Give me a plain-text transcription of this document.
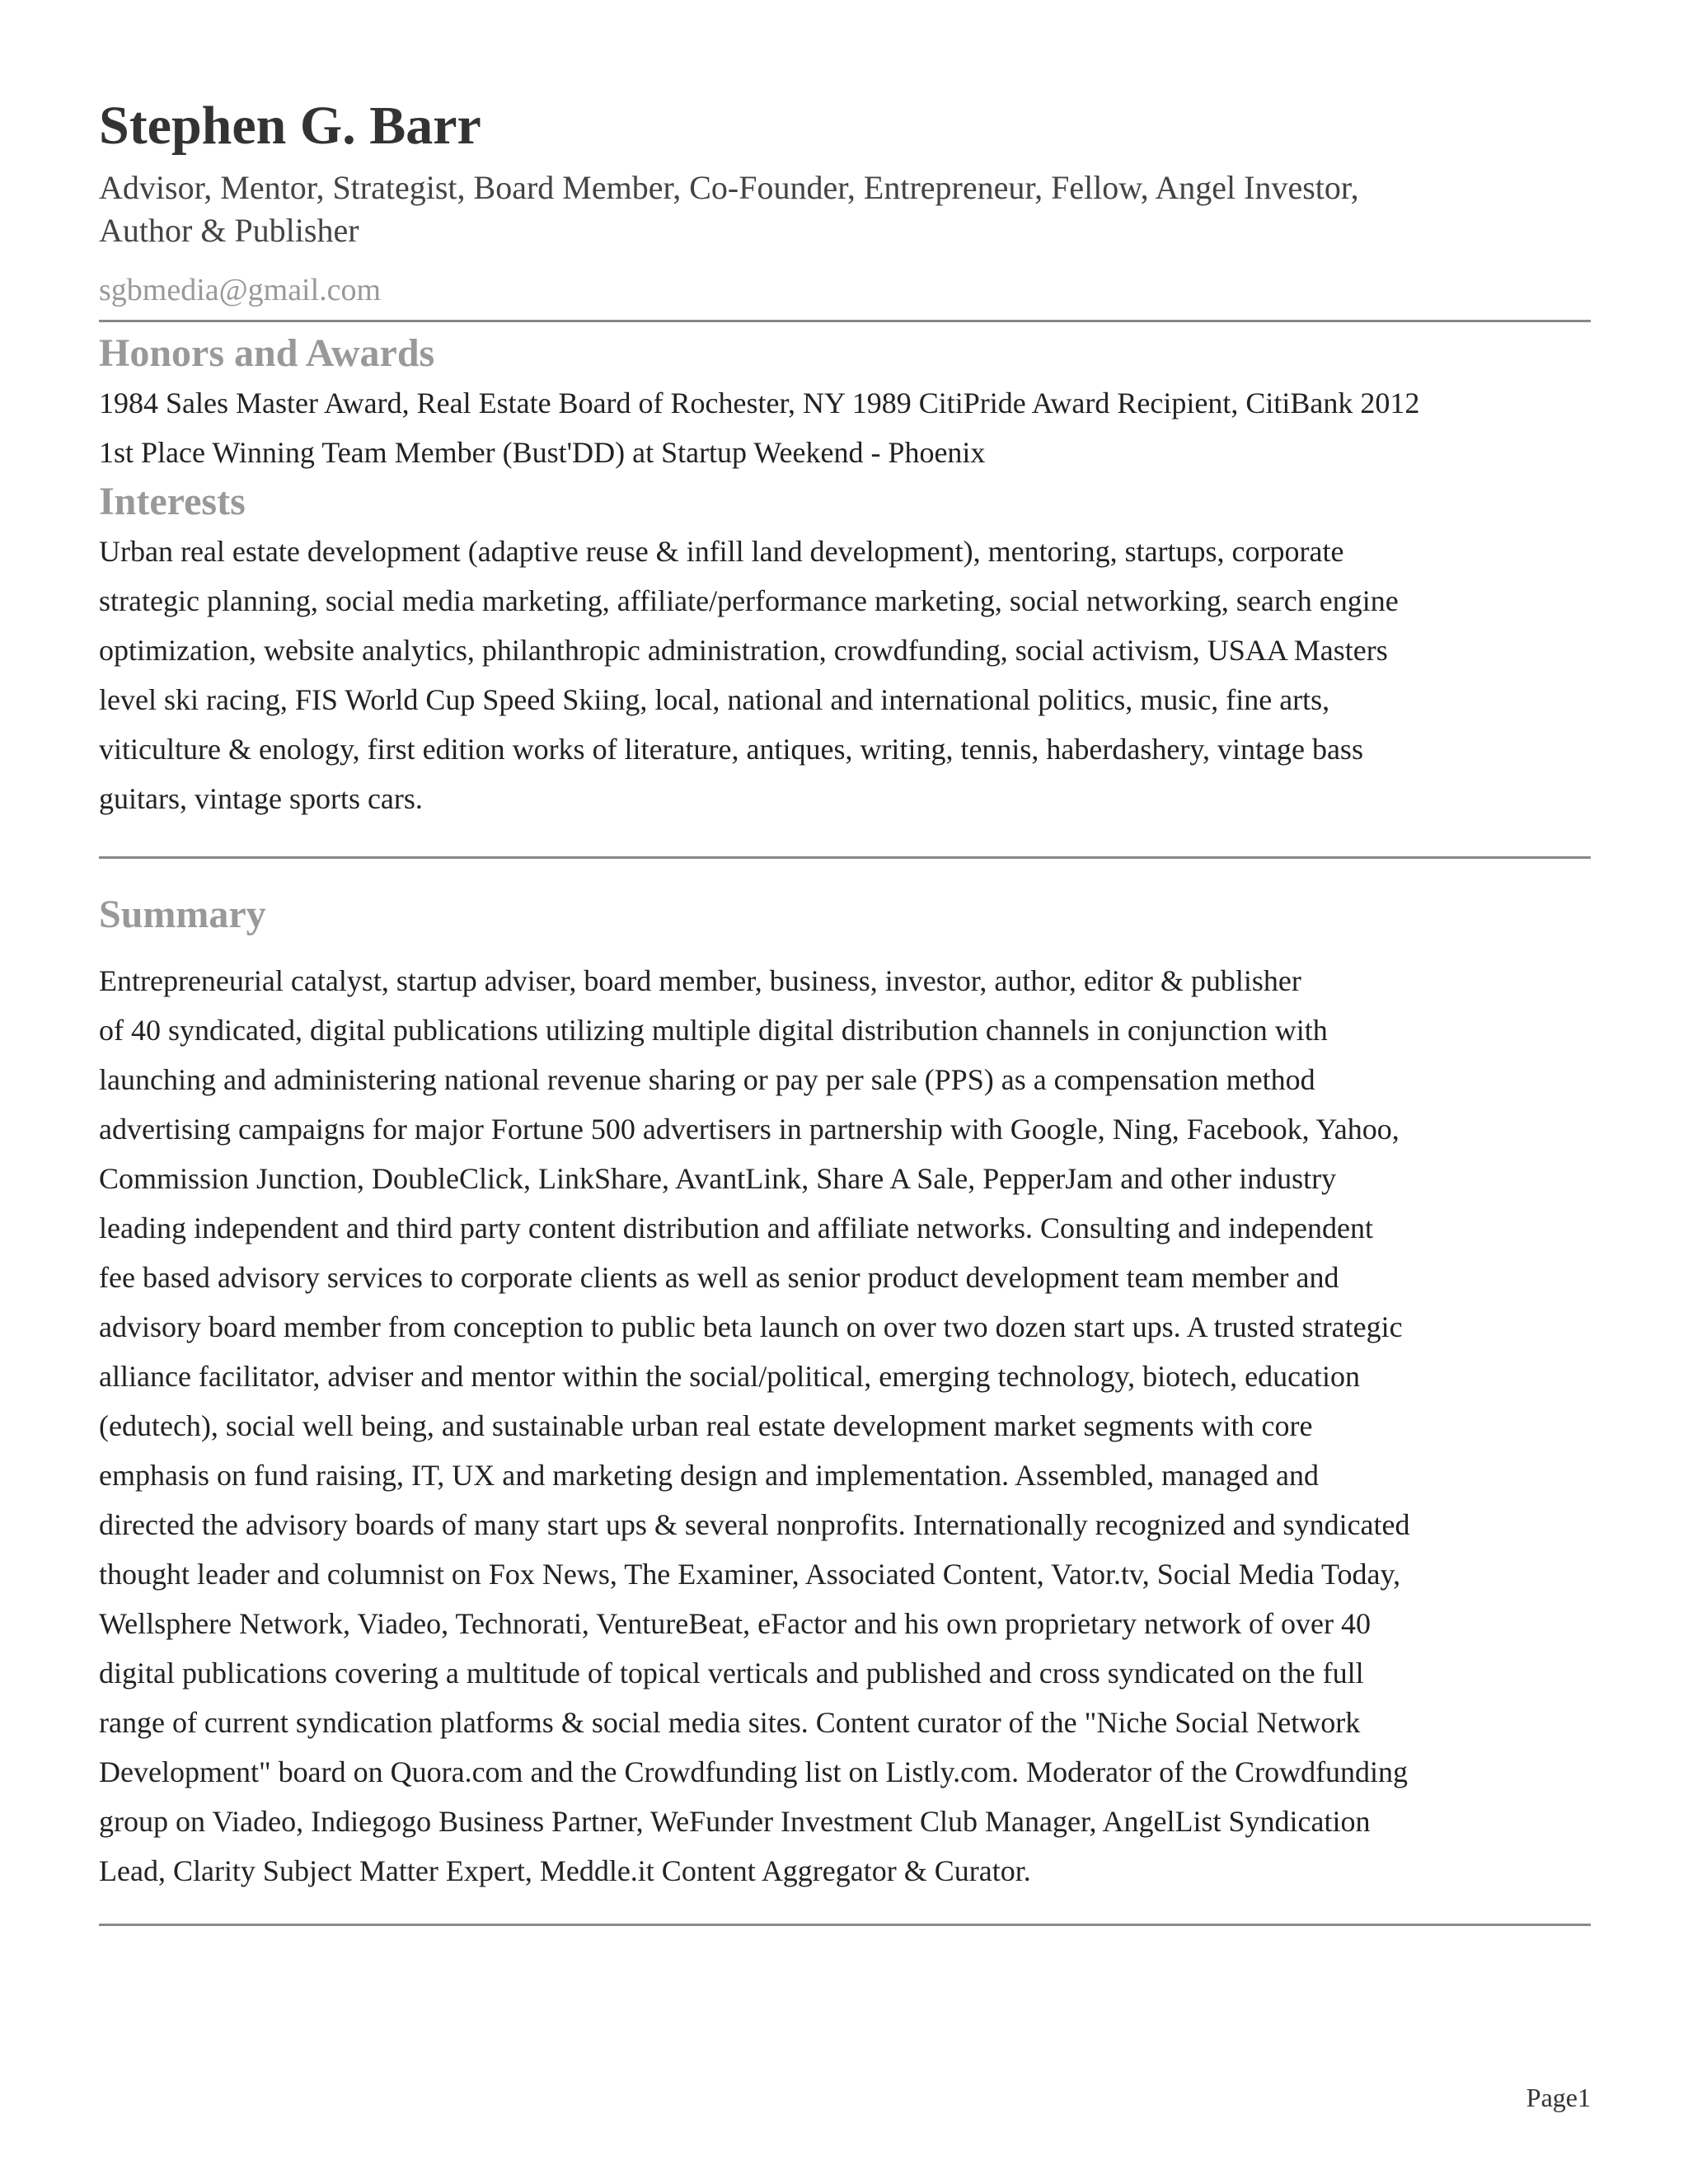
Stephen G. Barr
Advisor, Mentor, Strategist, Board Member, Co-Founder, Entrepreneur, Fellow, Angel Investor,
Author & Publisher
sgbmedia@gmail.com
Honors and Awards

1984 Sales Master Award, Real Estate Board of Rochester, NY 1989 CitiPride Award Recipient, CitiBank 2012
1st Place Winning Team Member (Bust'DD) at Startup Weekend - Phoenix

Interests

Urban real estate development (adaptive reuse & infill land development), mentoring, startups, corporate
strategic planning, social media marketing, affiliate/performance marketing, social networking, search engine
optimization, website analytics, philanthropic administration, crowdfunding, social activism, USAA Masters
level ski racing, FIS World Cup Speed Skiing, local, national and international politics, music, fine arts,
viticulture & enology, first edition works of literature, antiques, writing, tennis, haberdashery, vintage bass
guitars, vintage sports cars.

Summary

Entrepreneurial catalyst, startup adviser, board member, business, investor, author, editor & publisher
of 40 syndicated, digital publications utilizing multiple digital distribution channels in conjunction with
launching and administering national revenue sharing or pay per sale (PPS) as a compensation method
advertising campaigns for major Fortune 500 advertisers in partnership with Google, Ning, Facebook, Yahoo,
Commission Junction, DoubleClick, LinkShare, AvantLink, Share A Sale, PepperJam and other industry
leading independent and third party content distribution and affiliate networks. Consulting and independent
fee based advisory services to corporate clients as well as senior product development team member and
advisory board member from conception to public beta launch on over two dozen start ups. A trusted strategic
alliance facilitator, adviser and mentor within the social/political, emerging technology, biotech, education
(edutech), social well being, and sustainable urban real estate development market segments with core
emphasis on fund raising, IT, UX and marketing design and implementation. Assembled, managed and
directed the advisory boards of many start ups & several nonprofits. Internationally recognized and syndicated
thought leader and columnist on Fox News, The Examiner, Associated Content, Vator.tv, Social Media Today,
Wellsphere Network, Viadeo, Technorati, VentureBeat, eFactor and his own proprietary network of over 40
digital publications covering a multitude of topical verticals and published and cross syndicated on the full
range of current syndication platforms & social media sites. Content curator of the "Niche Social Network
Development" board on Quora.com and the Crowdfunding list on Listly.com. Moderator of the Crowdfunding
group on Viadeo, Indiegogo Business Partner, WeFunder Investment Club Manager, AngelList Syndication
Lead, Clarity Subject Matter Expert, Meddle.it Content Aggregator & Curator.

Page1
